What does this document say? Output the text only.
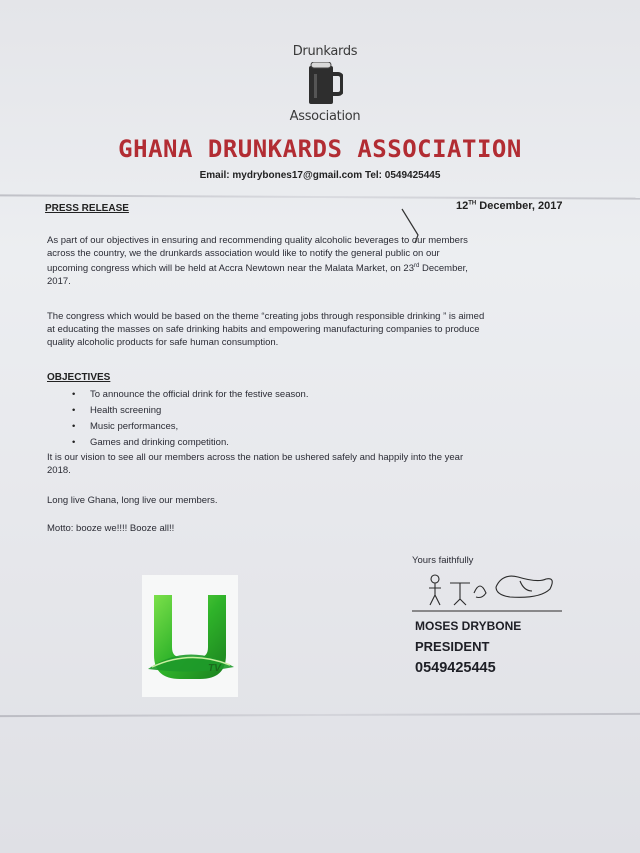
Drunkards
Association
GHANA DRUNKARDS ASSOCIATION
Email: mydrybones17@gmail.com Tel: 0549425445
PRESS RELEASE	12TH December, 2017
As part of our objectives in ensuring and recommending quality alcoholic beverages to our members
across the country, we the drunkards association would like to notify the general public on our
upcoming congress which will be held at Accra Newtown near the Malata Market, on 23rd December,
2017.
The congress which would be based on the theme “creating jobs through responsible drinking ” is aimed
at educating the masses on safe drinking habits and empowering manufacturing companies to produce
quality alcoholic products for safe human consumption.
OBJECTIVES
• To announce the official drink for the festive season.
• Health screening
• Music performances,
• Games and drinking competition.
It is our vision to see all our members across the nation be ushered safely and happily into the year
2018.
Long live Ghana, long live our members.
Motto: booze we!!!! Booze all!!
Yours faithfully
MOSES DRYBONE
PRESIDENT
0549425445
TV
